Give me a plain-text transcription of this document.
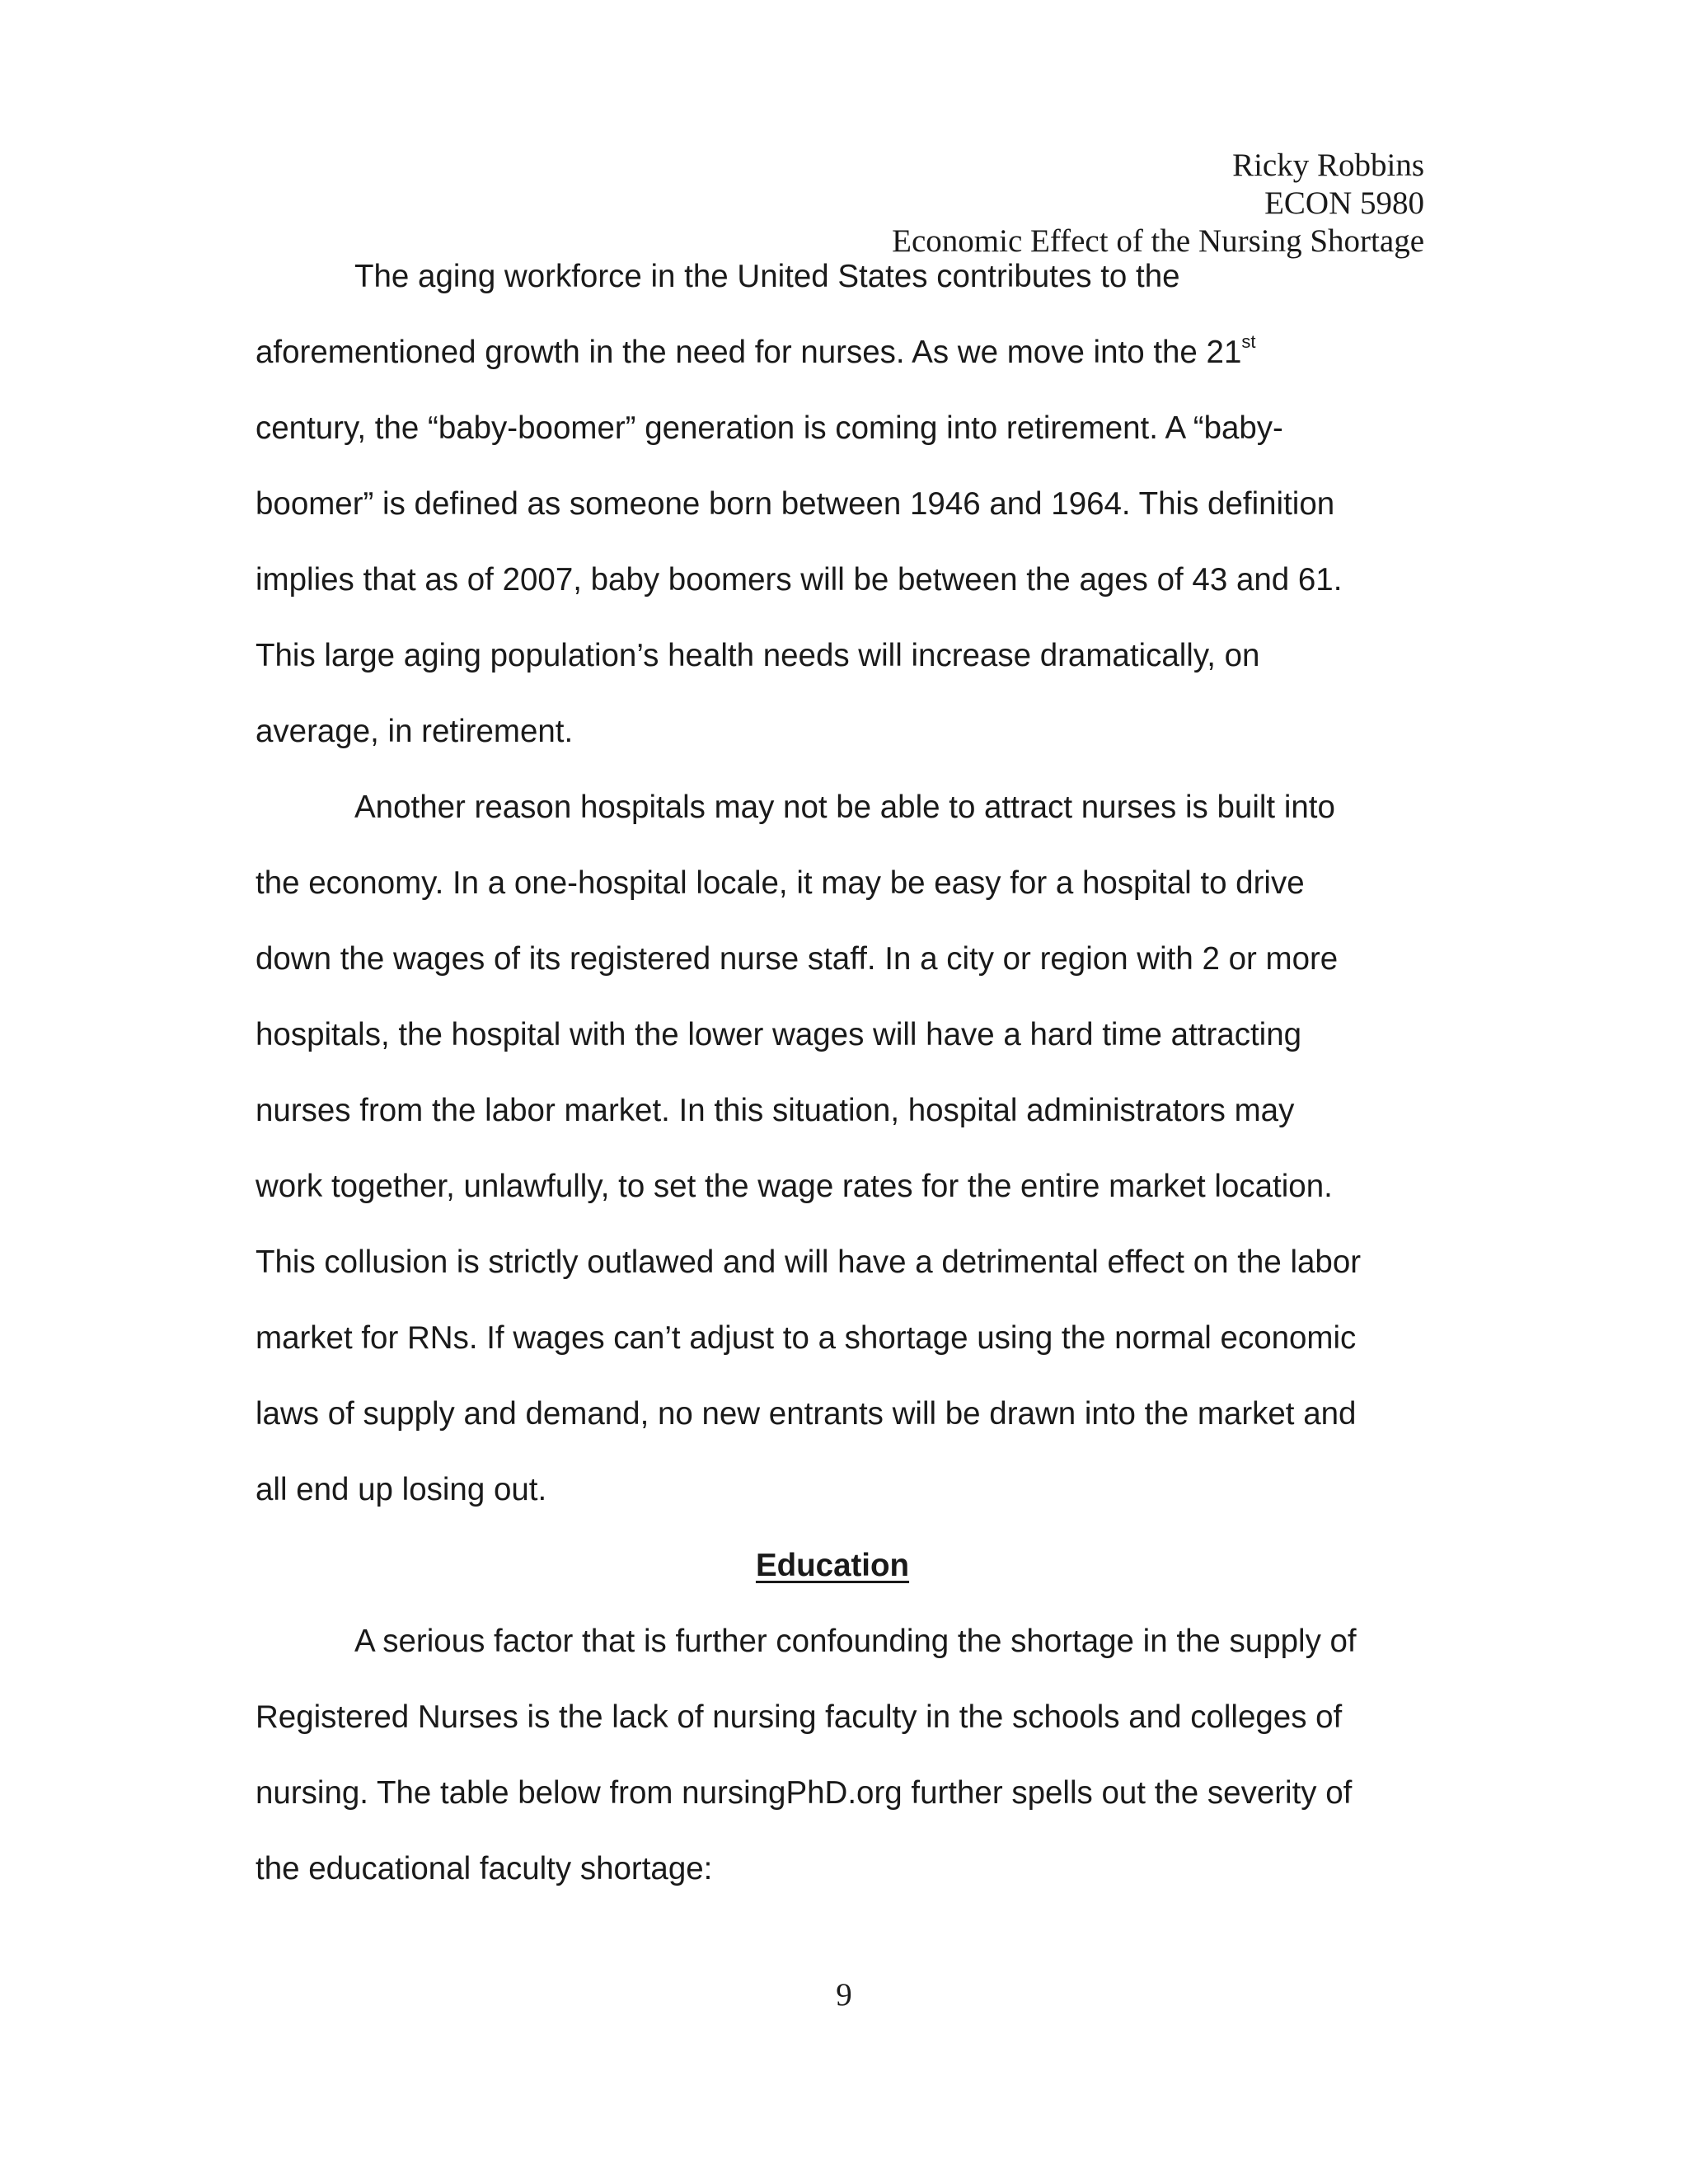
Ricky Robbins
ECON 5980
Economic Effect of the Nursing Shortage
The aging workforce in the United States contributes to the
aforementioned growth in the need for nurses. As we move into the 21st
century, the “baby-boomer” generation is coming into retirement. A “baby-
boomer” is defined as someone born between 1946 and 1964. This definition
implies that as of 2007, baby boomers will be between the ages of 43 and 61.
This large aging population’s health needs will increase dramatically, on
average, in retirement.
Another reason hospitals may not be able to attract nurses is built into
the economy. In a one-hospital locale, it may be easy for a hospital to drive
down the wages of its registered nurse staff. In a city or region with 2 or more
hospitals, the hospital with the lower wages will have a hard time attracting
nurses from the labor market. In this situation, hospital administrators may
work together, unlawfully, to set the wage rates for the entire market location.
This collusion is strictly outlawed and will have a detrimental effect on the labor
market for RNs. If wages can’t adjust to a shortage using the normal economic
laws of supply and demand, no new entrants will be drawn into the market and
all end up losing out.
Education
A serious factor that is further confounding the shortage in the supply of
Registered Nurses is the lack of nursing faculty in the schools and colleges of
nursing. The table below from nursingPhD.org further spells out the severity of
the educational faculty shortage:
9
